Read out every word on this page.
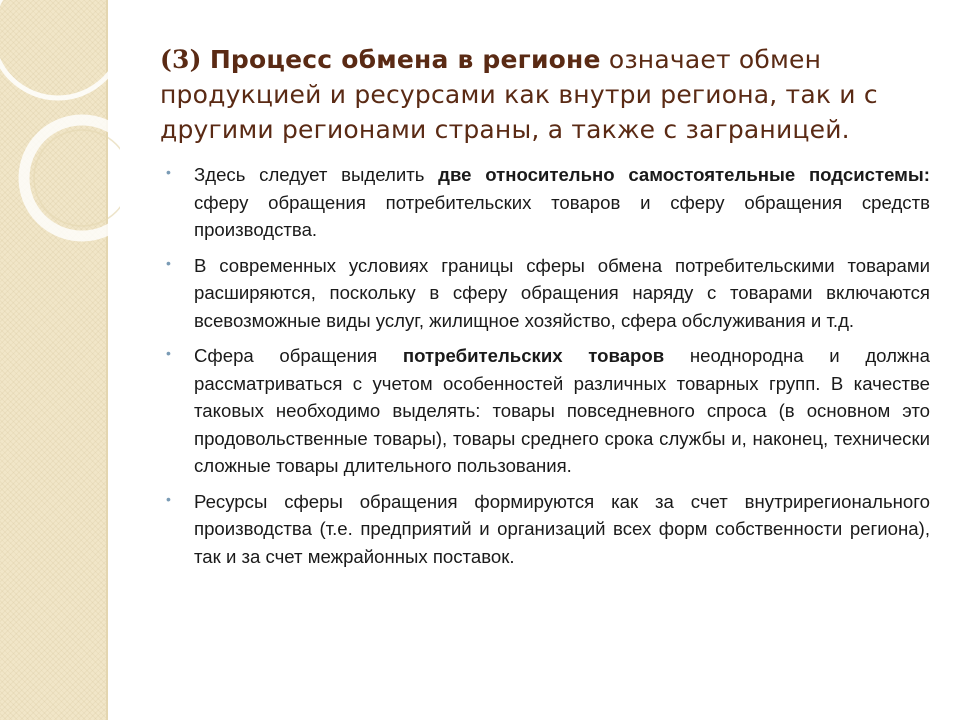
(3) Процесс обмена в регионе означает обмен продукцией и ресурсами как внутри региона, так и с другими регионами страны, а также с заграницей.
• Здесь следует выделить две относительно самостоятельные подсистемы: сферу обращения потребительских товаров и сферу обращения средств производства.
• В современных условиях границы сферы обмена потребительскими товарами расширяются, поскольку в сферу обращения наряду с товарами включаются всевозможные виды услуг, жилищное хозяйство, сфера обслуживания и т.д.
• Сфера обращения потребительских товаров неоднородна и должна рассматриваться с учетом особенностей различных товарных групп. В качестве таковых необходимо выделять: товары повседневного спроса (в основном это продовольственные товары), товары среднего срока службы и, наконец, технически сложные товары длительного пользования.
• Ресурсы сферы обращения формируются как за счет внутрирегионального производства (т.е. предприятий и организаций всех форм собственности региона), так и за счет межрайонных поставок.
